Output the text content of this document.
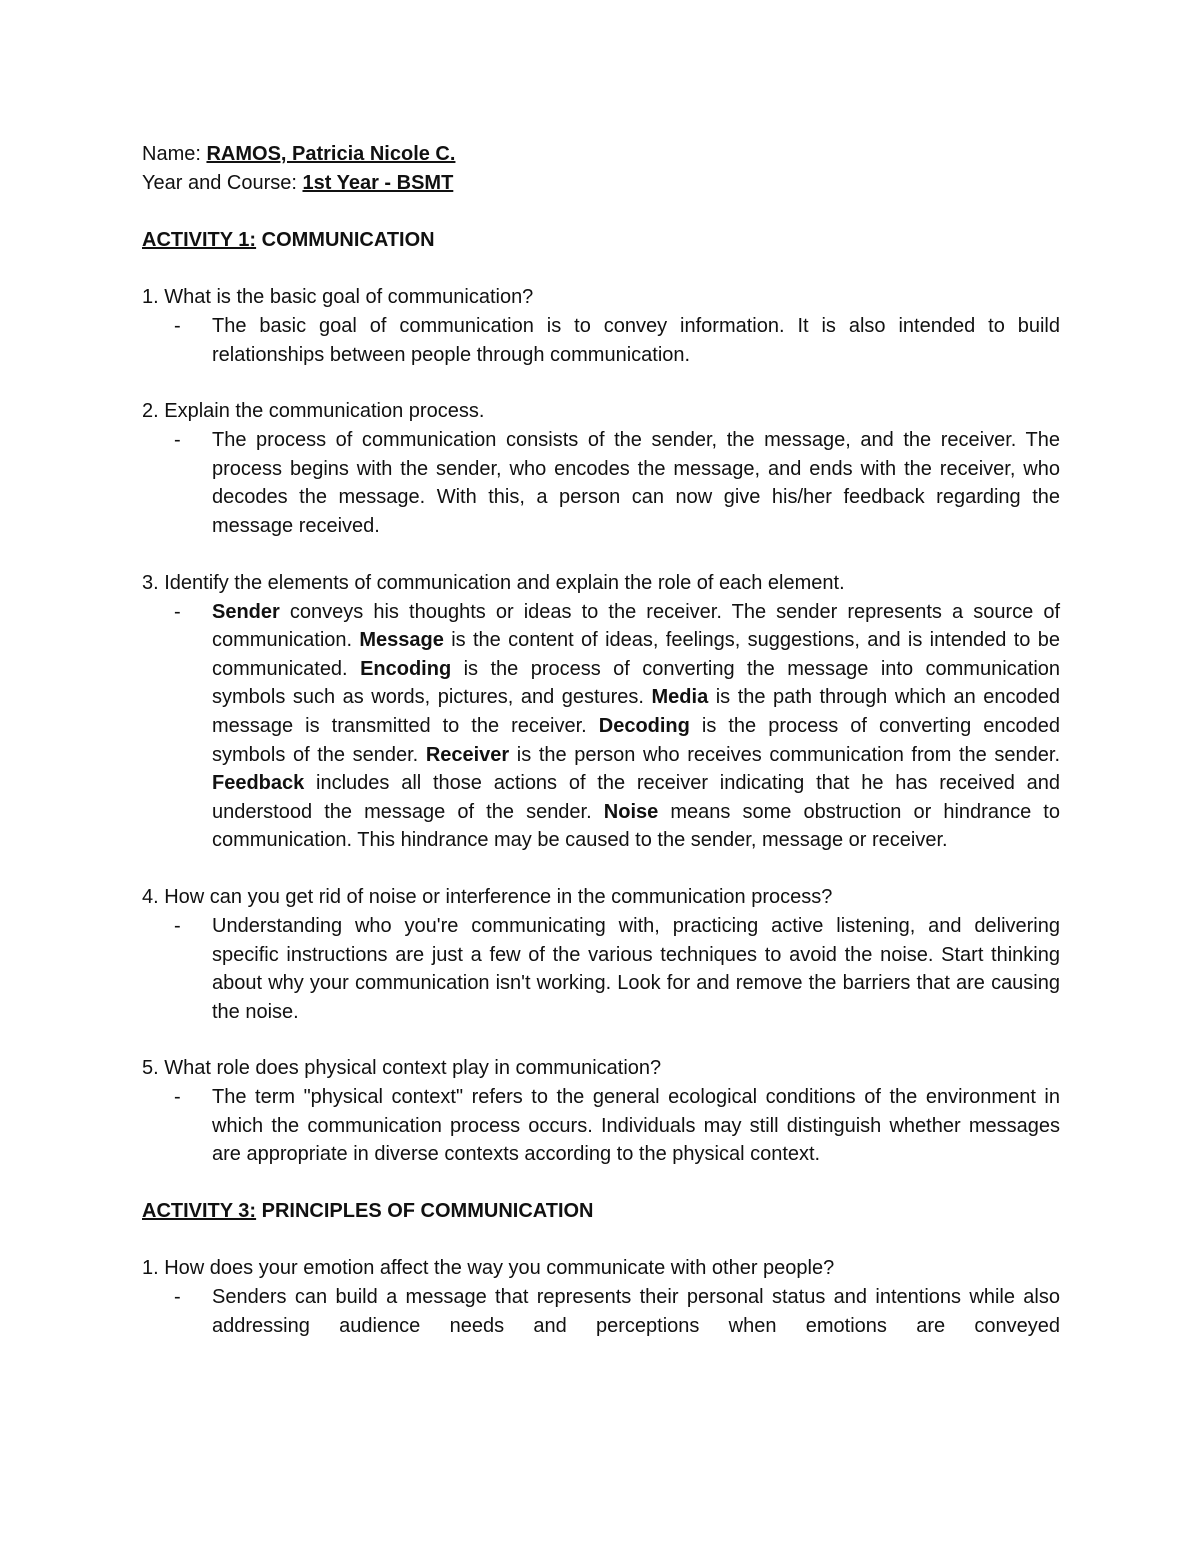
Name: RAMOS, Patricia Nicole C.

Year and Course: 1st Year - BSMT

ACTIVITY 1: COMMUNICATION

1. What is the basic goal of communication?

- The basic goal of communication is to convey information. It is also intended to build relationships between people through communication.

2. Explain the communication process.

- The process of communication consists of the sender, the message, and the receiver. The process begins with the sender, who encodes the message, and ends with the receiver, who decodes the message. With this, a person can now give his/her feedback regarding the message received.

3. Identify the elements of communication and explain the role of each element.

- Sender conveys his thoughts or ideas to the receiver. The sender represents a source of communication. Message is the content of ideas, feelings, suggestions, and is intended to be communicated. Encoding is the process of converting the message into communication symbols such as words, pictures, and gestures. Media is the path through which an encoded message is transmitted to the receiver. Decoding is the process of converting encoded symbols of the sender. Receiver is the person who receives communication from the sender. Feedback includes all those actions of the receiver indicating that he has received and understood the message of the sender. Noise means some obstruction or hindrance to communication. This hindrance may be caused to the sender, message or receiver.

4. How can you get rid of noise or interference in the communication process?

- Understanding who you're communicating with, practicing active listening, and delivering specific instructions are just a few of the various techniques to avoid the noise. Start thinking about why your communication isn't working. Look for and remove the barriers that are causing the noise.

5. What role does physical context play in communication?

- The term "physical context" refers to the general ecological conditions of the environment in which the communication process occurs. Individuals may still distinguish whether messages are appropriate in diverse contexts according to the physical context.

ACTIVITY 3: PRINCIPLES OF COMMUNICATION

1. How does your emotion affect the way you communicate with other people?

- Senders can build a message that represents their personal status and intentions while also addressing audience needs and perceptions when emotions are conveyed
